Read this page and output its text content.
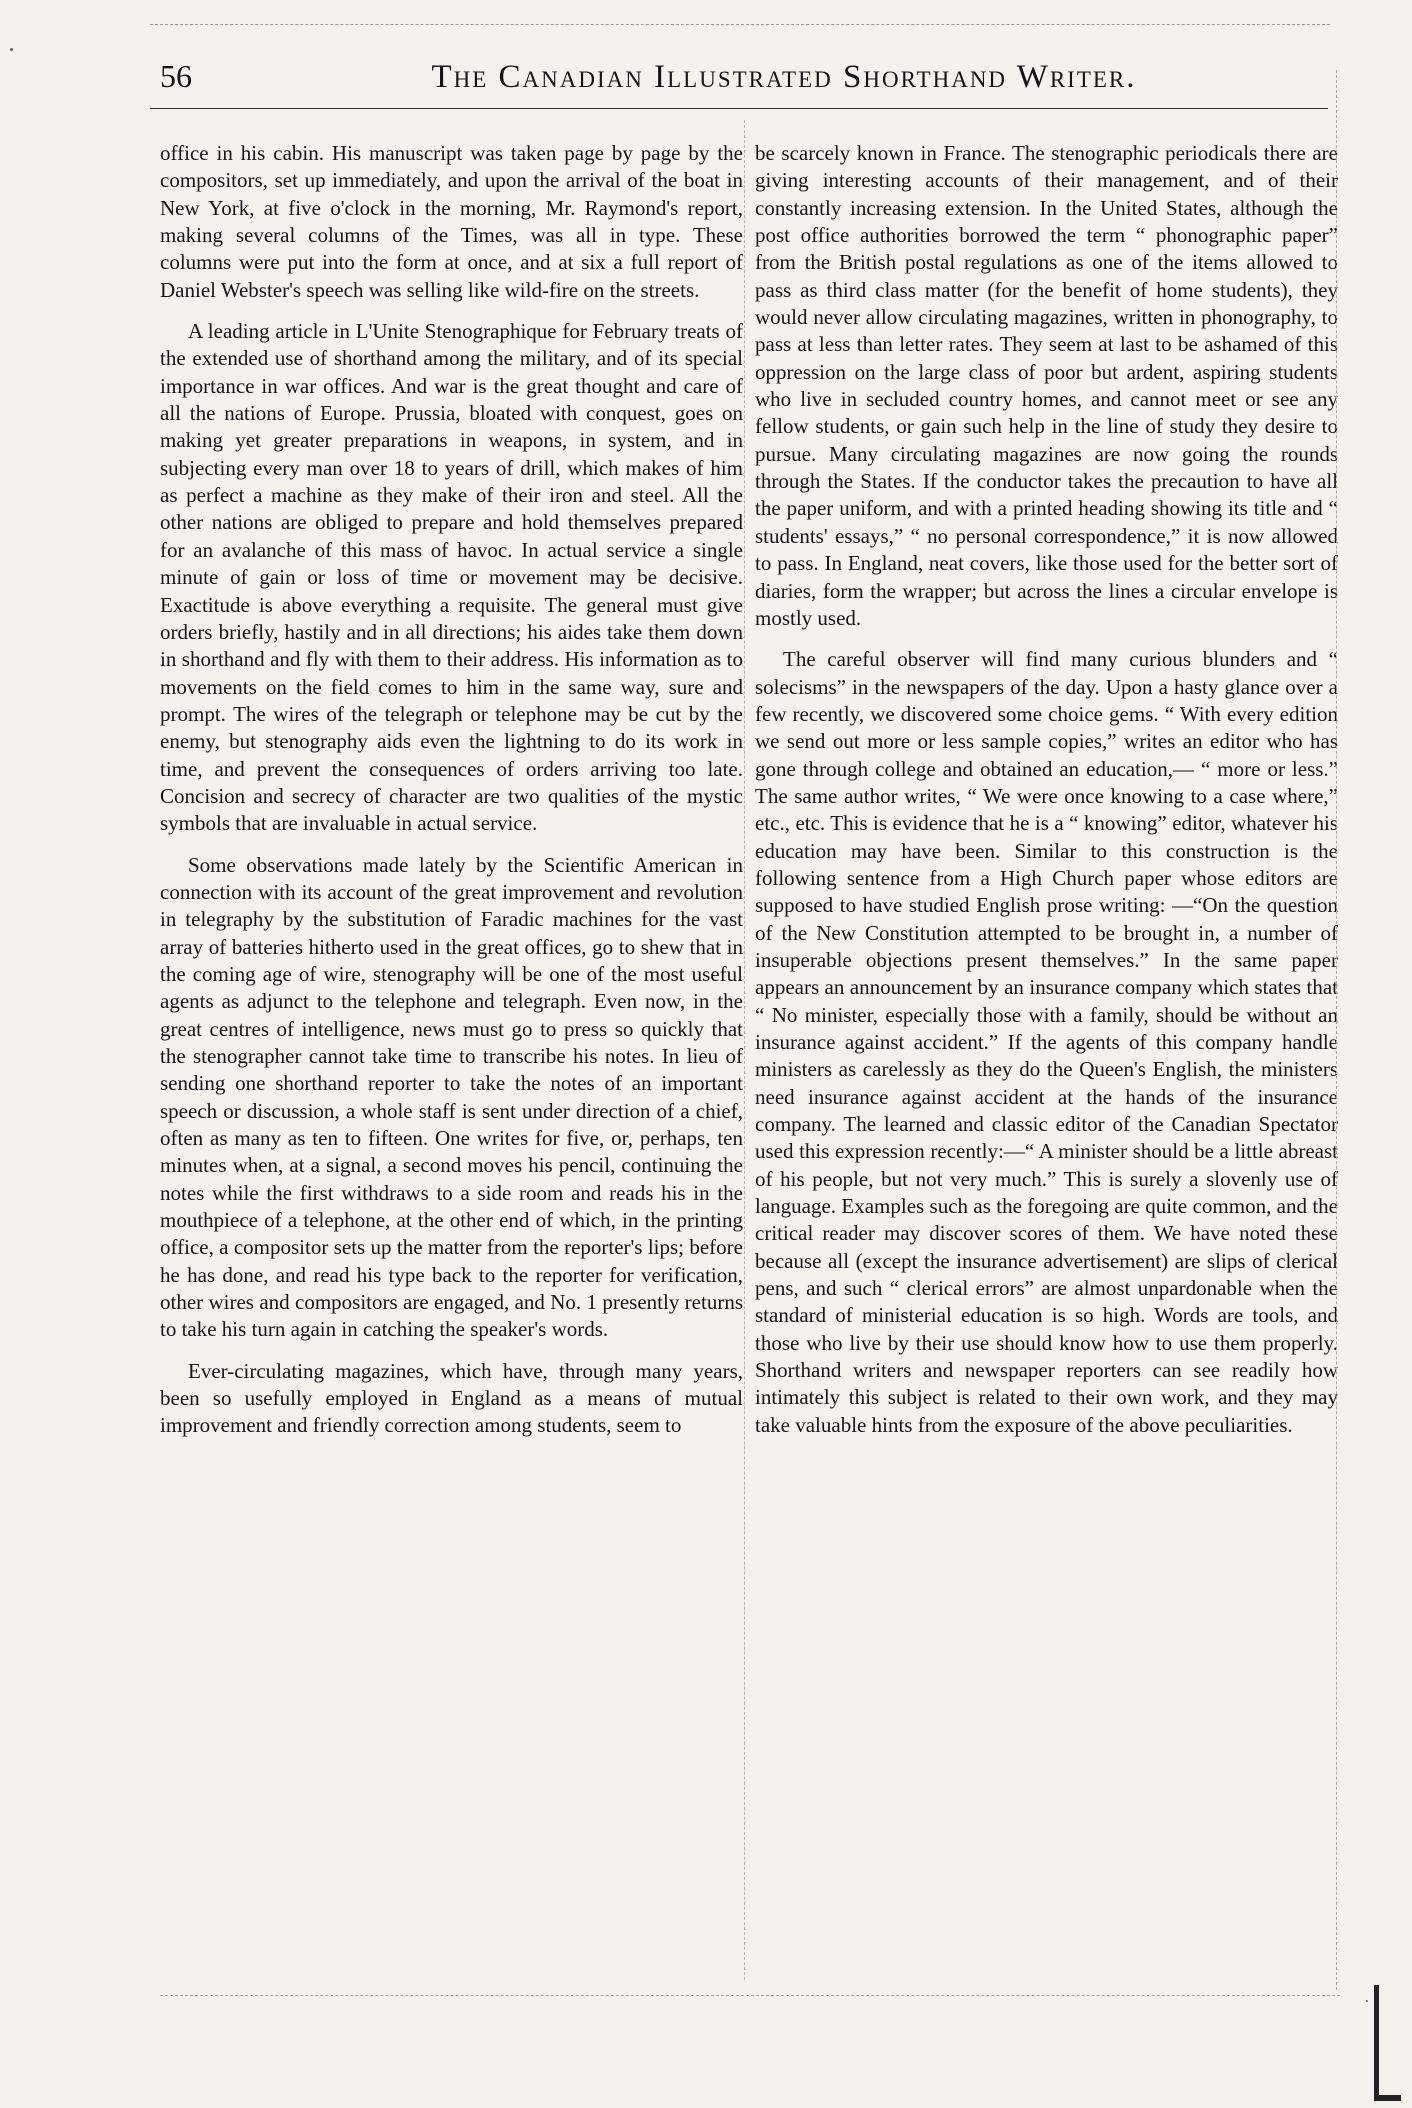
56	The Canadian Illustrated Shorthand Writer.

office in his cabin. His manuscript was taken page by page by the compositors, set up immediately, and upon the arrival of the boat in New York, at five o'clock in the morning, Mr. Raymond's report, making several columns of the Times, was all in type. These columns were put into the form at once, and at six a full report of Daniel Webster's speech was selling like wild-fire on the streets.

A leading article in L'Unite Stenographique for February treats of the extended use of shorthand among the military, and of its special importance in war offices. And war is the great thought and care of all the nations of Europe. Prussia, bloated with conquest, goes on making yet greater preparations in weapons, in system, and in subjecting every man over 18 to years of drill, which makes of him as perfect a machine as they make of their iron and steel. All the other nations are obliged to prepare and hold themselves prepared for an avalanche of this mass of havoc. In actual service a single minute of gain or loss of time or movement may be decisive. Exactitude is above everything a requisite. The general must give orders briefly, hastily and in all directions; his aides take them down in shorthand and fly with them to their address. His information as to movements on the field comes to him in the same way, sure and prompt. The wires of the telegraph or telephone may be cut by the enemy, but stenography aids even the lightning to do its work in time, and prevent the consequences of orders arriving too late. Concision and secrecy of character are two qualities of the mystic symbols that are invaluable in actual service.

Some observations made lately by the Scientific American in connection with its account of the great improvement and revolution in telegraphy by the substitution of Faradic machines for the vast array of batteries hitherto used in the great offices, go to shew that in the coming age of wire, stenography will be one of the most useful agents as adjunct to the telephone and telegraph. Even now, in the great centres of intelligence, news must go to press so quickly that the stenographer cannot take time to transcribe his notes. In lieu of sending one shorthand reporter to take the notes of an important speech or discussion, a whole staff is sent under direction of a chief, often as many as ten to fifteen. One writes for five, or, perhaps, ten minutes when, at a signal, a second moves his pencil, continuing the notes while the first withdraws to a side room and reads his in the mouthpiece of a telephone, at the other end of which, in the printing office, a compositor sets up the matter from the reporter's lips; before he has done, and read his type back to the reporter for verification, other wires and compositors are engaged, and No. 1 presently returns to take his turn again in catching the speaker's words.

Ever-circulating magazines, which have, through many years, been so usefully employed in England as a means of mutual improvement and friendly correction among students, seem to

be scarcely known in France. The stenographic periodicals there are giving interesting accounts of their management, and of their constantly increasing extension. In the United States, although the post office authorities borrowed the term “ phonographic paper” from the British postal regulations as one of the items allowed to pass as third class matter (for the benefit of home students), they would never allow circulating magazines, written in phonography, to pass at less than letter rates. They seem at last to be ashamed of this oppression on the large class of poor but ardent, aspiring students who live in secluded country homes, and cannot meet or see any fellow students, or gain such help in the line of study they desire to pursue. Many circulating magazines are now going the rounds through the States. If the conductor takes the precaution to have all the paper uniform, and with a printed heading showing its title and “ students' essays,” “ no personal correspondence,” it is now allowed to pass. In England, neat covers, like those used for the better sort of diaries, form the wrapper; but across the lines a circular envelope is mostly used.

The careful observer will find many curious blunders and “ solecisms” in the newspapers of the day. Upon a hasty glance over a few recently, we discovered some choice gems. “ With every edition we send out more or less sample copies,” writes an editor who has gone through college and obtained an education,— “ more or less.” The same author writes, “ We were once knowing to a case where,” etc., etc. This is evidence that he is a “ knowing” editor, whatever his education may have been. Similar to this construction is the following sentence from a High Church paper whose editors are supposed to have studied English prose writing: —“On the question of the New Constitution attempted to be brought in, a number of insuperable objections present themselves.” In the same paper appears an announcement by an insurance company which states that “ No minister, especially those with a family, should be without an insurance against accident.” If the agents of this company handle ministers as carelessly as they do the Queen's English, the ministers need insurance against accident at the hands of the insurance company. The learned and classic editor of the Canadian Spectator used this expression recently:—“ A minister should be a little abreast of his people, but not very much.” This is surely a slovenly use of language. Examples such as the foregoing are quite common, and the critical reader may discover scores of them. We have noted these because all (except the insurance advertisement) are slips of clerical pens, and such “ clerical errors” are almost unpardonable when the standard of ministerial education is so high. Words are tools, and those who live by their use should know how to use them properly. Shorthand writers and newspaper reporters can see readily how intimately this subject is related to their own work, and they may take valuable hints from the exposure of the above peculiarities.
